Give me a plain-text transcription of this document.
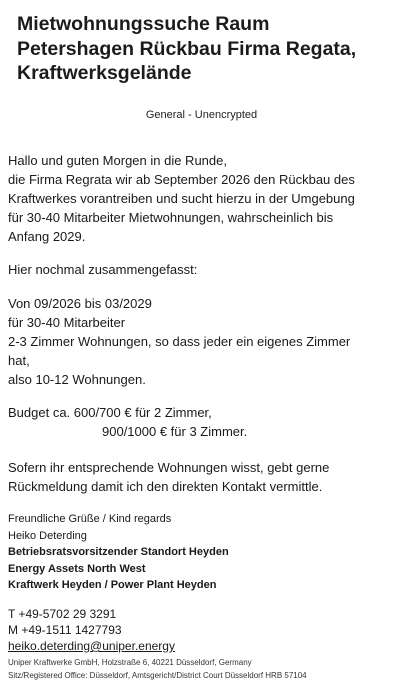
Mietwohnungssuche Raum
Petershagen Rückbau Firma Regata,
Kraftwerksgelände
General - Unencrypted
Hallo und guten Morgen in die Runde,
die Firma Regrata wir ab September 2026 den Rückbau des
Kraftwerkes vorantreiben und sucht hierzu in der Umgebung
für 30-40 Mitarbeiter Mietwohnungen, wahrscheinlich bis
Anfang 2029.
Hier nochmal zusammengefasst:
Von 09/2026 bis 03/2029
für 30-40 Mitarbeiter
2-3 Zimmer Wohnungen, so dass jeder ein eigenes Zimmer
hat,
also 10-12 Wohnungen.
Budget ca. 600/700 € für 2 Zimmer,
900/1000 € für 3 Zimmer.
Sofern ihr entsprechende Wohnungen wisst, gebt gerne
Rückmeldung damit ich den direkten Kontakt vermittle.
Freundliche Grüße / Kind regards
Heiko Deterding
Betriebsratsvorsitzender Standort Heyden
Energy Assets North West
Kraftwerk Heyden / Power Plant Heyden
T +49-5702 29 3291
M +49-1511 1427793
heiko.deterding@uniper.energy
Uniper Kraftwerke GmbH, Holzstraße 6, 40221 Düsseldorf, Germany
Sitz/Registered Office: Düsseldorf, Amtsgericht/District Court Düsseldorf HRB 57104
